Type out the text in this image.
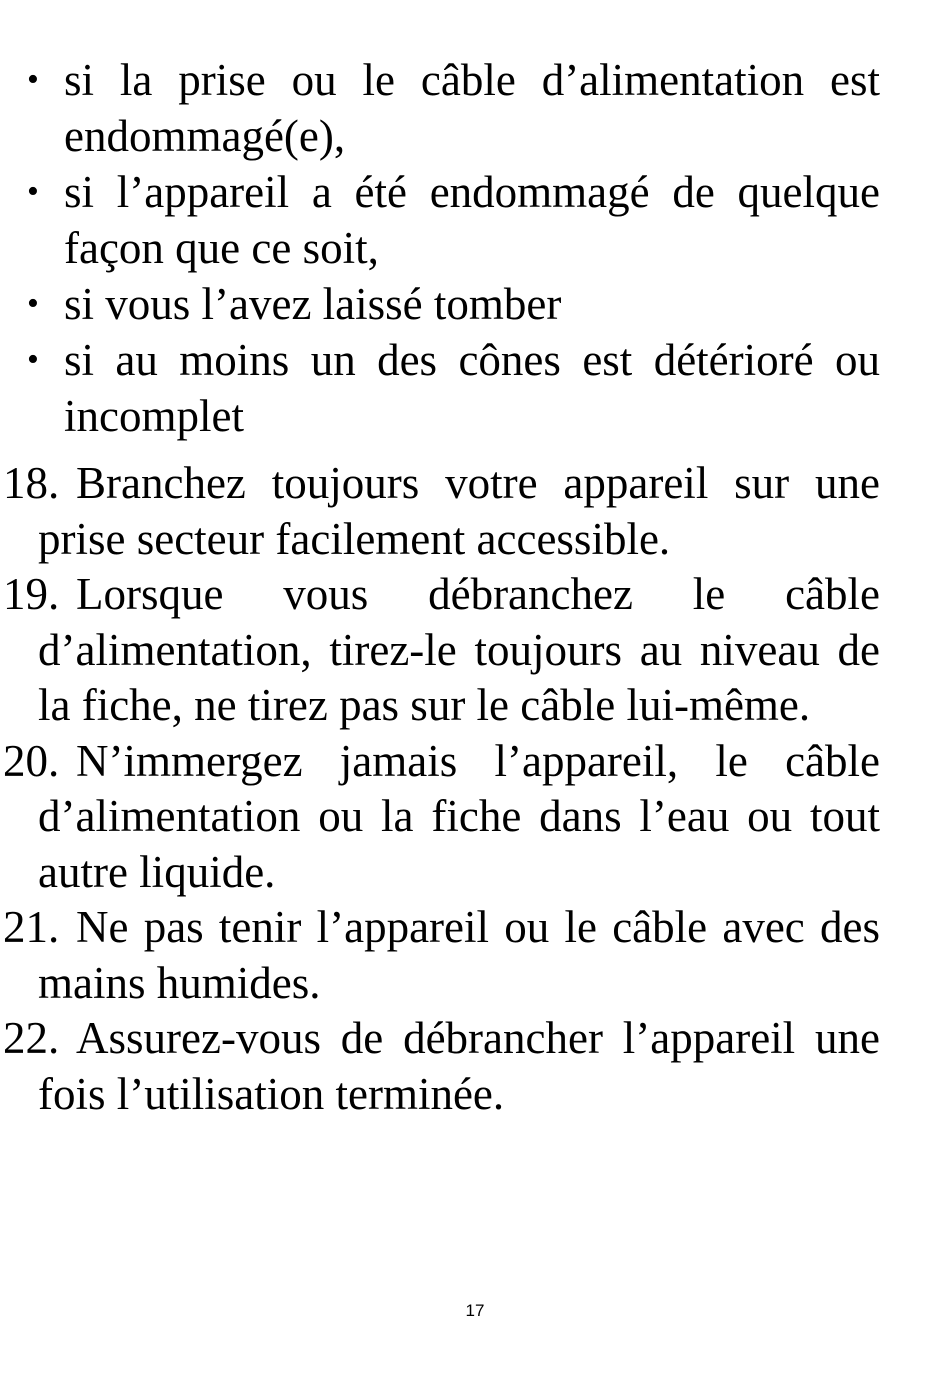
• si la prise ou le câble d’alimentation est endommagé(e),
• si l’appareil a été endommagé de quelque façon que ce soit,
• si vous l’avez laissé tomber
• si au moins un des cônes est détérioré ou incomplet
18. Branchez toujours votre appareil sur une prise secteur facilement accessible.
19. Lorsque vous débranchez le câble d’alimentation, tirez-le toujours au niveau de la fiche, ne tirez pas sur le câble lui-même.
20. N’immergez jamais l’appareil, le câble d’alimentation ou la fiche dans l’eau ou tout autre liquide.
21. Ne pas tenir l’appareil ou le câble avec des mains humides.
22. Assurez-vous de débrancher l’appareil une fois l’utilisation terminée.
17
